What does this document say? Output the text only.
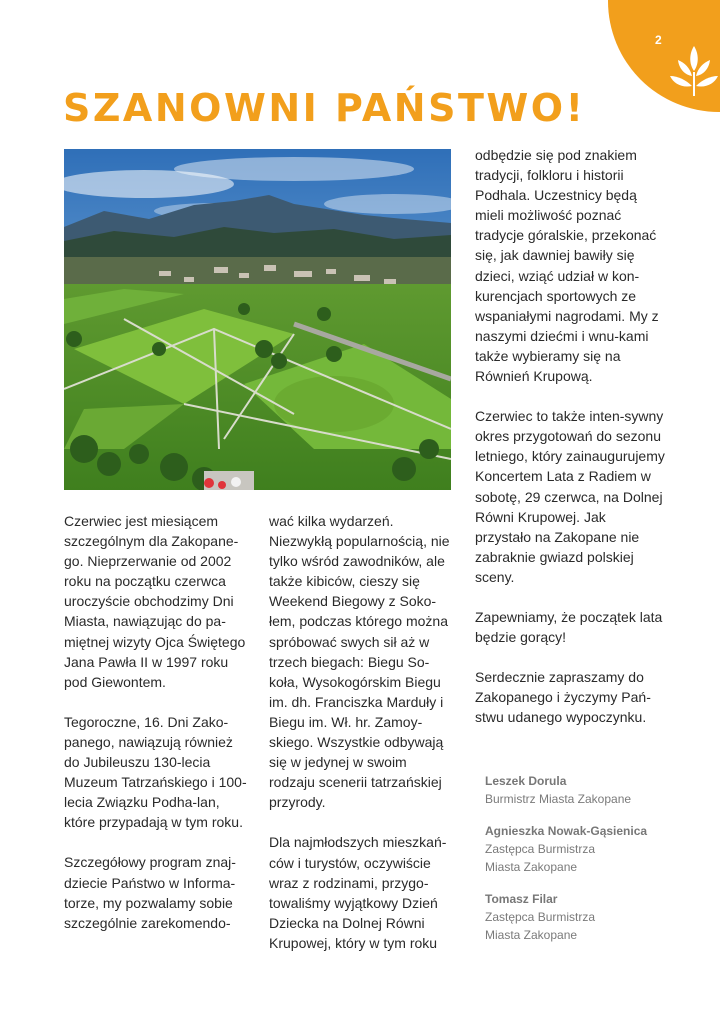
2
SZANOWNI PAŃSTWO!

Czerwiec jest miesiącem szczególnym dla Zakopane-go. Nieprzerwanie od 2002 roku na początku czerwca uroczyście obchodzimy Dni Miasta, nawiązując do pa-miętnej wizyty Ojca Świętego Jana Pawła II w 1997 roku pod Giewontem.

Tegoroczne, 16. Dni Zako-panego, nawiązują również do Jubileuszu 130-lecia Muzeum Tatrzańskiego i 100-lecia Związku Podha-lan, które przypadają w tym roku.

Szczegółowy program znaj-dziecie Państwo w Informa-torze, my pozwalamy sobie szczególnie zarekomendo-

wać kilka wydarzeń. Niezwykłą popularnością, nie tylko wśród zawodników, ale także kibiców, cieszy się Weekend Biegowy z Soko-łem, podczas którego można spróbować swych sił aż w trzech biegach: Biegu So-koła, Wysokogórskim Biegu im. dh. Franciszka Marduły i Biegu im. Wł. hr. Zamoy-skiego. Wszystkie odbywają się w jedynej w swoim rodzaju scenerii tatrzańskiej przyrody.

Dla najmłodszych mieszkań-ców i turystów, oczywiście wraz z rodzinami, przygo-towaliśmy wyjątkowy Dzień Dziecka na Dolnej Równi Krupowej, który w tym roku

odbędzie się pod znakiem tradycji, folkloru i historii Podhala. Uczestnicy będą mieli możliwość poznać tradycje góralskie, przekonać się, jak dawniej bawiły się dzieci, wziąć udział w kon-kurencjach sportowych ze wspaniałymi nagrodami. My z naszymi dziećmi i wnu-kami także wybieramy się na Równień Krupową.

Czerwiec to także inten-sywny okres przygotowań do sezonu letniego, który zainaugurujemy Koncertem Lata z Radiem w sobotę, 29 czerwca, na Dolnej Równi Krupowej. Jak przystało na Zakopane nie zabraknie gwiazd polskiej sceny.

Zapewniamy, że początek lata będzie gorący!

Serdecznie zapraszamy do Zakopanego i życzymy Pań-stwu udanego wypoczynku.

Leszek Dorula
Burmistrz Miasta Zakopane
Agnieszka Nowak-Gąsienica
Zastępca Burmistrza
Miasta Zakopane
Tomasz Filar
Zastępca Burmistrza
Miasta Zakopane
